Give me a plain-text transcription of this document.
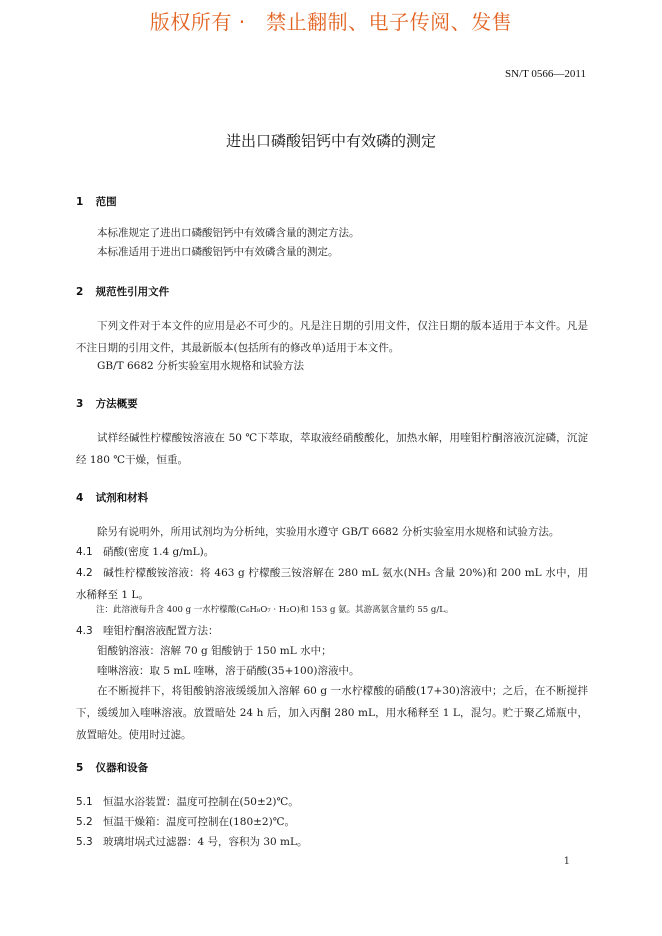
版权所有 ·   禁止翻制、电子传阅、发售
SN/T 0566—2011
进出口磷酸铝钙中有效磷的测定
1 范围
本标准规定了进出口磷酸铝钙中有效磷含量的测定方法。
本标准适用于进出口磷酸铝钙中有效磷含量的测定。
2 规范性引用文件
下列文件对于本文件的应用是必不可少的。凡是注日期的引用文件，仅注日期的版本适用于本文件。凡是不注日期的引用文件，其最新版本(包括所有的修改单)适用于本文件。
GB/T 6682 分析实验室用水规格和试验方法
3 方法概要
试样经碱性柠檬酸铵溶液在 50 ℃下萃取，萃取液经硝酸酸化，加热水解，用喹钼柠酮溶液沉淀磷，沉淀经 180 ℃干燥，恒重。
4 试剂和材料
除另有说明外，所用试剂均为分析纯，实验用水遵守 GB/T 6682 分析实验室用水规格和试验方法。
4.1 硝酸(密度 1.4 g/mL)。
4.2 碱性柠檬酸铵溶液：将 463 g 柠檬酸三铵溶解在 280 mL 氨水(NH₃ 含量 20%)和 200 mL 水中，用水稀释至 1 L。
注：此溶液每升含 400 g 一水柠檬酸(C₆H₈O₇ · H₂O)和 153 g 氨。其游离氨含量约 55 g/L。
4.3 喹钼柠酮溶液配置方法：
钼酸钠溶液：溶解 70 g 钼酸钠于 150 mL 水中；
喹啉溶液：取 5 mL 喹啉，溶于硝酸(35+100)溶液中。
在不断搅拌下，将钼酸钠溶液缓缓加入溶解 60 g 一水柠檬酸的硝酸(17+30)溶液中；之后，在不断搅拌下，缓缓加入喹啉溶液。放置暗处 24 h 后，加入丙酮 280 mL，用水稀释至 1 L，混匀。贮于聚乙烯瓶中，放置暗处。使用时过滤。
5 仪器和设备
5.1 恒温水浴装置：温度可控制在(50±2)℃。
5.2 恒温干燥箱：温度可控制在(180±2)℃。
5.3 玻璃坩埚式过滤器：4 号，容积为 30 mL。
1
